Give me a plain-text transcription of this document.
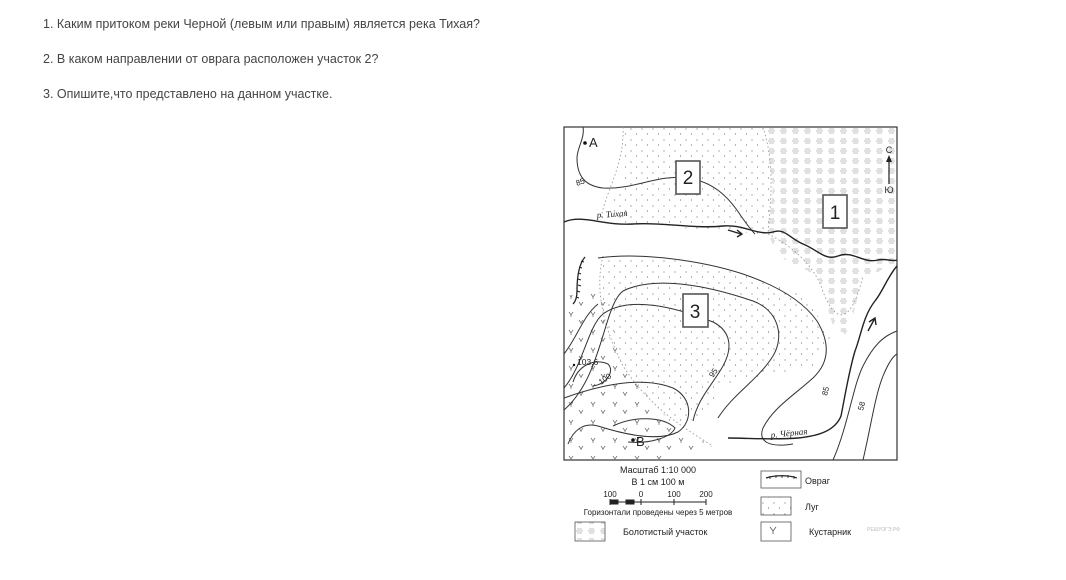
1. Каким притоком реки Черной (левым или правым) является река Тихая?
2. В каком направлении от оврага расположен участок 2?
3. Опишите,что представлено на данном участке.
А
В
103,6
85
95
100
85
58
р. Тихая
р. Чёрная
2
1
3
С
Ю
Масштаб 1:10 000
В 1 см 100 м
100	0	100 200
Горизонтали проведены через 5 метров
Болотистый участок
Овраг
Луг
Кустарник	РЕШУОГЭ.РФ
